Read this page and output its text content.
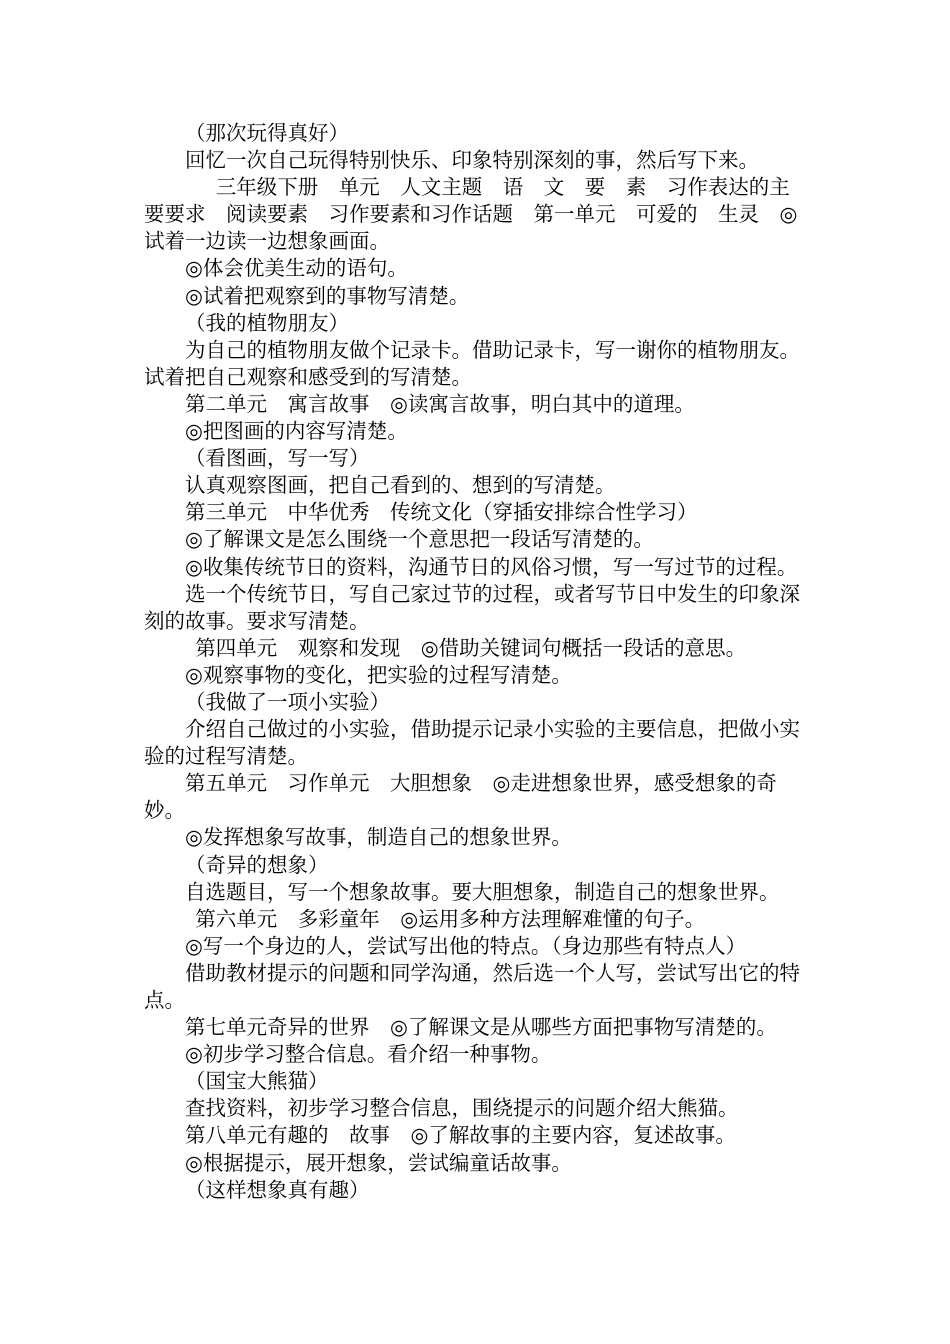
（那次玩得真好）

回忆一次自己玩得特别快乐、印象特别深刻的事，然后写下来。

三年级下册　单元　人文主题　语　文　要　素　习作表达的主要要求　阅读要素　习作要素和习作话题　第一单元　可爱的　生灵　◎试着一边读一边想象画面。

◎体会优美生动的语句。

◎试着把观察到的事物写清楚。

（我的植物朋友）

为自己的植物朋友做个记录卡。借助记录卡，写一谢你的植物朋友。试着把自己观察和感受到的写清楚。

第二单元　寓言故事　◎读寓言故事，明白其中的道理。

◎把图画的内容写清楚。

（看图画，写一写）

认真观察图画，把自己看到的、想到的写清楚。

第三单元　中华优秀　传统文化（穿插安排综合性学习）

◎了解课文是怎么围绕一个意思把一段话写清楚的。

◎收集传统节日的资料，沟通节日的风俗习惯，写一写过节的过程。

选一个传统节日，写自己家过节的过程，或者写节日中发生的印象深刻的故事。要求写清楚。

第四单元　观察和发现　◎借助关键词句概括一段话的意思。

◎观察事物的变化，把实验的过程写清楚。

（我做了一项小实验）

介绍自己做过的小实验，借助提示记录小实验的主要信息，把做小实验的过程写清楚。

第五单元　习作单元　大胆想象　◎走进想象世界，感受想象的奇妙。

◎发挥想象写故事，制造自己的想象世界。

（奇异的想象）

自选题目，写一个想象故事。要大胆想象，制造自己的想象世界。

第六单元　多彩童年　◎运用多种方法理解难懂的句子。

◎写一个身边的人，尝试写出他的特点。（身边那些有特点人）

借助教材提示的问题和同学沟通，然后选一个人写，尝试写出它的特点。

第七单元奇异的世界　◎了解课文是从哪些方面把事物写清楚的。

◎初步学习整合信息。看介绍一种事物。

（国宝大熊猫）

查找资料，初步学习整合信息，围绕提示的问题介绍大熊猫。

第八单元有趣的　故事　◎了解故事的主要内容，复述故事。

◎根据提示，展开想象，尝试编童话故事。

（这样想象真有趣）
